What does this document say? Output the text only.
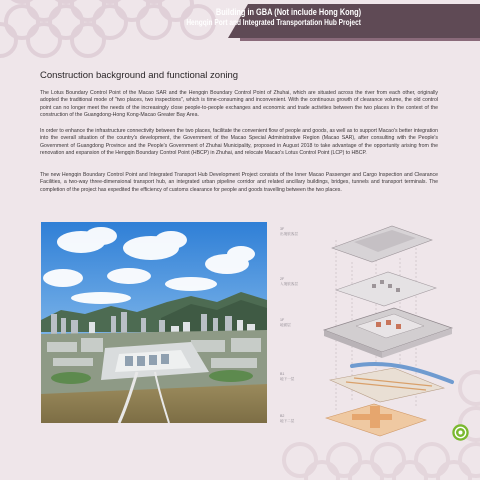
Building in GBA (Not include Hong Kong)
Hengqin Port and Integrated Transportation Hub Project
Construction background and functional zoning
The Lotus Boundary Control Point of the Macao SAR and the Hengqin Boundary Control Point of Zhuhai, which are situated across the river from each other, originally adopted the traditional mode of "two places, two inspections", which is time-consuming and inconvenient. With the continuous growth of clearance volume, the old control point can no longer meet the needs of the increasingly close people-to-people exchanges and economic and trade activities between the two places in the context of the construction of the Guangdong-Hong Kong-Macao Greater Bay Area.
In order to enhance the infrastructure connectivity between the two places, facilitate the convenient flow of people and goods, as well as to support Macao's better integration into the overall situation of the country's development, the Government of the Macao Special Administrative Region (Macao SAR), after consulting with the People's Government of Guangdong Province and the People's Government of Zhuhai Municipality, proposed in August 2018 to take advantage of the opportunity arising from the renovation and expansion of the Hengqin Boundary Control Point (HBCP) in Zhuhai, and relocate Macao's Lotus Control Point (LCP) to HBCP.
The new Hengqin Boundary Control Point and Integrated Transport Hub Development Project consists of the Inner Macao Passenger and Cargo Inspection and Clearance Facilities, a two-way three-dimensional transport hub, an integrated urban pipeline corridor and related ancillary buildings, bridges, tunnels and transport terminals. The completion of the project has expedited the efficiency of customs clearance for people and goods travelling between the two places.
3F
出境旅客层
2F
入境旅客层
1F
地面层
B1
地下一层
B2
地下二层
